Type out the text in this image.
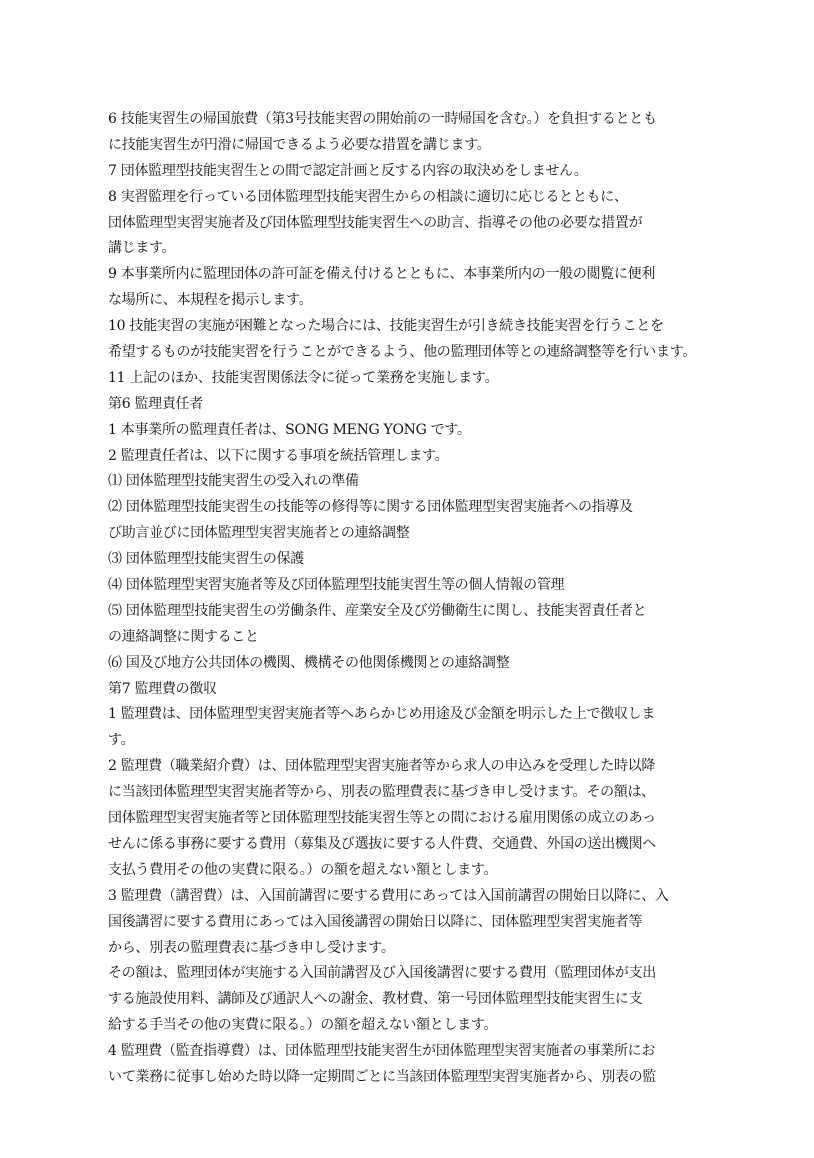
6 技能実習生の帰国旅費（第3号技能実習の開始前の一時帰国を含む。）を負担するととも
に技能実習生が円滑に帰国できるよう必要な措置を講じます。
7 団体監理型技能実習生との間で認定計画と反する内容の取決めをしません。
8 実習監理を行っている団体監理型技能実習生からの相談に適切に応じるとともに、
団体監理型実習実施者及び団体監理型技能実習生への助言、指導その他の必要な措置が
講じます。
9 本事業所内に監理団体の許可証を備え付けるとともに、本事業所内の一般の閲覧に便利
な場所に、本規程を掲示します。
10 技能実習の実施が困難となった場合には、技能実習生が引き続き技能実習を行うことを
希望するものが技能実習を行うことができるよう、他の監理団体等との連絡調整等を行います。
11 上記のほか、技能実習関係法令に従って業務を実施します。
第6 監理責任者
1 本事業所の監理責任者は、SONG MENG YONG です。
2 監理責任者は、以下に関する事項を統括管理します。
⑴ 団体監理型技能実習生の受入れの準備
⑵ 団体監理型技能実習生の技能等の修得等に関する団体監理型実習実施者への指導及
び助言並びに団体監理型実習実施者との連絡調整
⑶ 団体監理型技能実習生の保護
⑷ 団体監理型実習実施者等及び団体監理型技能実習生等の個人情報の管理
⑸ 団体監理型技能実習生の労働条件、産業安全及び労働衛生に関し、技能実習責任者と
の連絡調整に関すること
⑹ 国及び地方公共団体の機関、機構その他関係機関との連絡調整
第7 監理費の徴収
1 監理費は、団体監理型実習実施者等へあらかじめ用途及び金額を明示した上で徴収しま
す。
2 監理費（職業紹介費）は、団体監理型実習実施者等から求人の申込みを受理した時以降
に当該団体監理型実習実施者等から、別表の監理費表に基づき申し受けます。その額は、
団体監理型実習実施者等と団体監理型技能実習生等との間における雇用関係の成立のあっ
せんに係る事務に要する費用（募集及び選抜に要する人件費、交通費、外国の送出機関へ
支払う費用その他の実費に限る。）の額を超えない額とします。
3 監理費（講習費）は、入国前講習に要する費用にあっては入国前講習の開始日以降に、入
国後講習に要する費用にあっては入国後講習の開始日以降に、団体監理型実習実施者等
から、別表の監理費表に基づき申し受けます。
その額は、監理団体が実施する入国前講習及び入国後講習に要する費用（監理団体が支出
する施設使用料、講師及び通訳人への謝金、教材費、第一号団体監理型技能実習生に支
給する手当その他の実費に限る。）の額を超えない額とします。
4 監理費（監査指導費）は、団体監理型技能実習生が団体監理型実習実施者の事業所にお
いて業務に従事し始めた時以降一定期間ごとに当該団体監理型実習実施者から、別表の監
